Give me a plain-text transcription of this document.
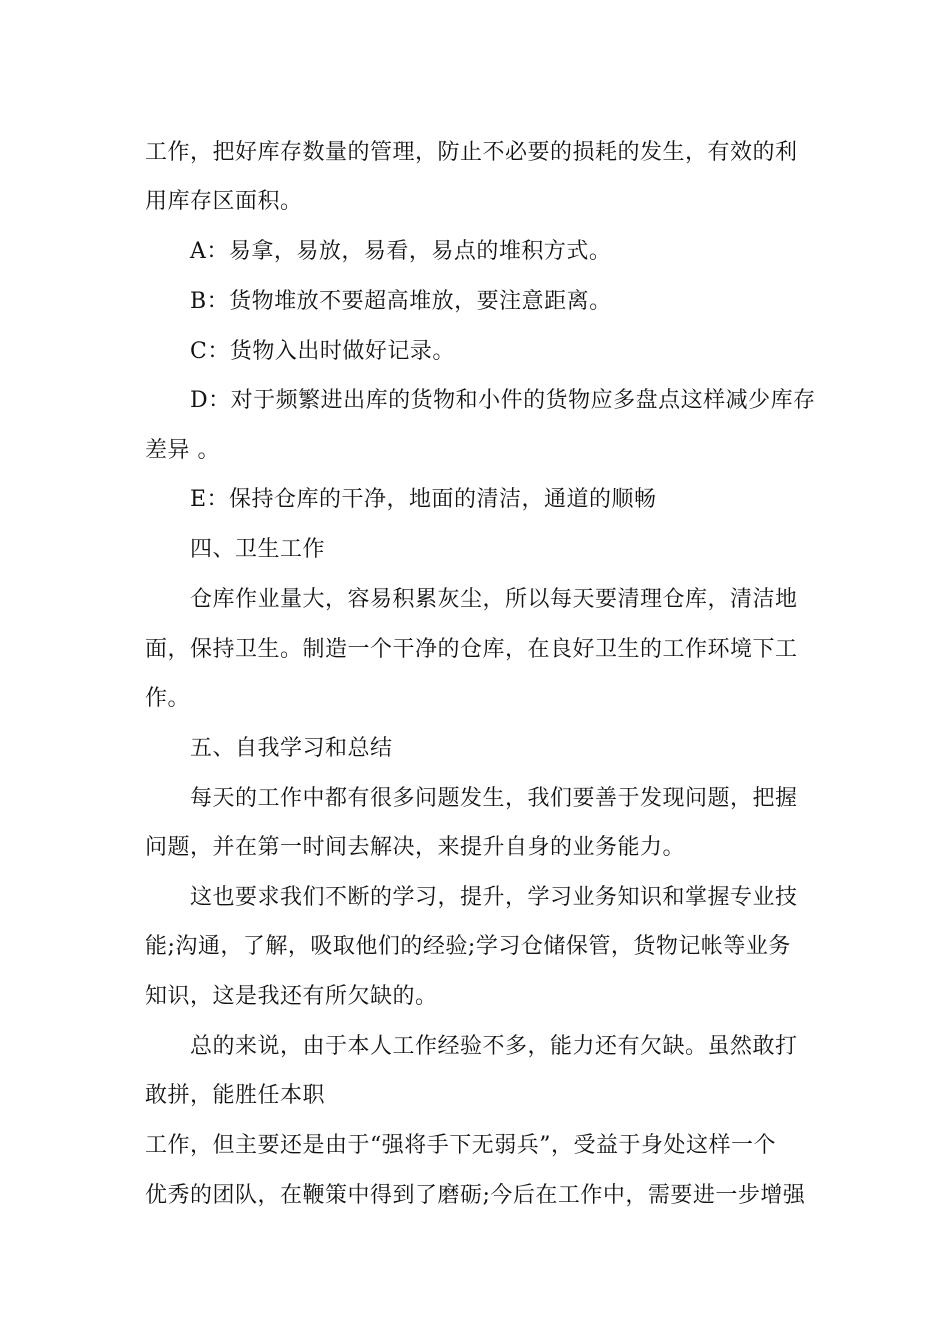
工作，把好库存数量的管理，防止不必要的损耗的发生，有效的利
用库存区面积。
A：易拿，易放，易看，易点的堆积方式。
B：货物堆放不要超高堆放，要注意距离。
C：货物入出时做好记录。
D：对于频繁进出库的货物和小件的货物应多盘点这样减少库存
差异 。
E：保持仓库的干净，地面的清洁，通道的顺畅
四、卫生工作
仓库作业量大，容易积累灰尘，所以每天要清理仓库，清洁地
面，保持卫生。制造一个干净的仓库，在良好卫生的工作环境下工
作。
五、自我学习和总结
每天的工作中都有很多问题发生，我们要善于发现问题，把握
问题，并在第一时间去解决，来提升自身的业务能力。
这也要求我们不断的学习，提升，学习业务知识和掌握专业技
能;沟通，了解，吸取他们的经验;学习仓储保管，货物记帐等业务
知识，这是我还有所欠缺的。
总的来说，由于本人工作经验不多，能力还有欠缺。虽然敢打
敢拼，能胜任本职
工作，但主要还是由于“强将手下无弱兵”，受益于身处这样一个
优秀的团队，在鞭策中得到了磨砺;今后在工作中，需要进一步增强
